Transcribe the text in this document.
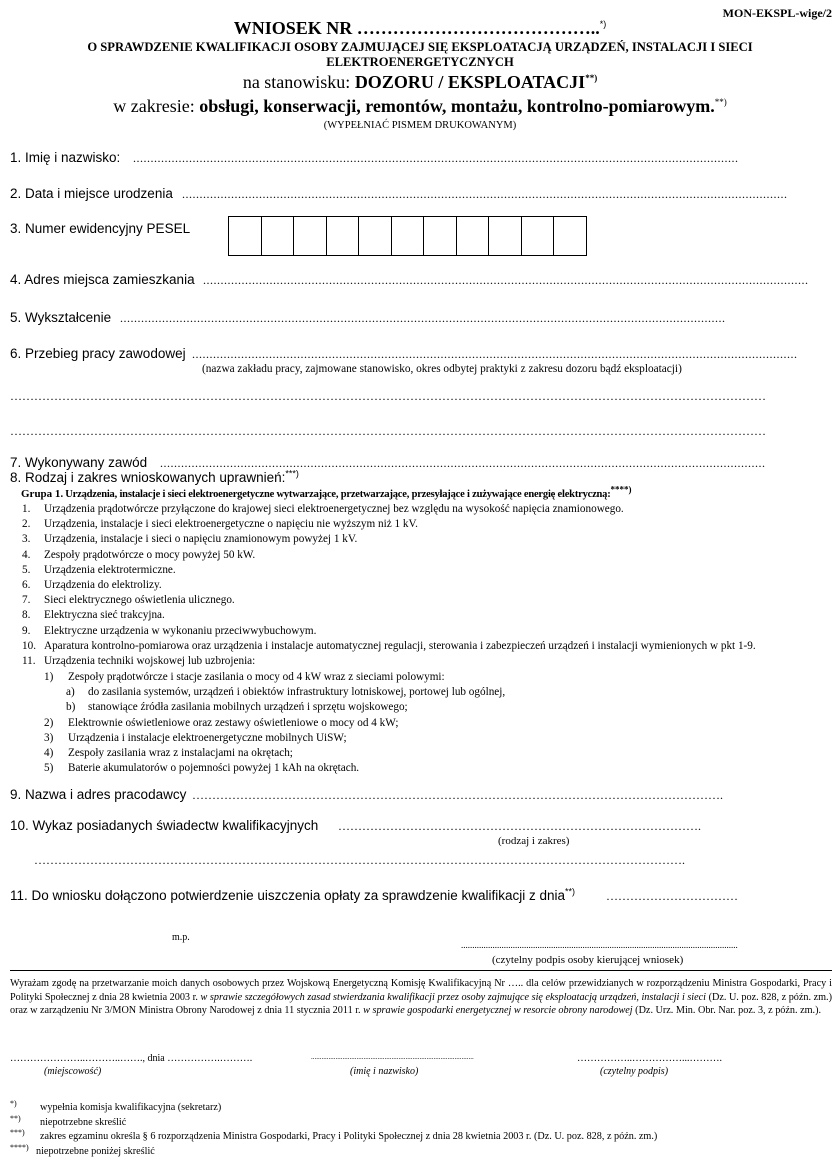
MON-EKSPL-wige/2
WNIOSEK NR …………………………………..*)
O SPRAWDZENIE KWALIFIKACJI OSOBY ZAJMUJĄCEJ SIĘ EKSPLOATACJĄ URZĄDZEŃ, INSTALACJI I SIECI
ELEKTROENERGETYCZNYCH
na stanowisku: DOZORU / EKSPLOATACJI**)
w zakresie: obsługi, konserwacji, remontów, montażu, kontrolno-pomiarowym.**)
(WYPEŁNIAĆ PISMEM DRUKOWANYM)
1. Imię i nazwisko: .............................................................................................................................................................................
2. Data i miejsce urodzenia .............................................................................................................................................................................
3. Numer ewidencyjny PESEL
4. Adres miejsca zamieszkania .............................................................................................................................................................................
5. Wykształcenie .............................................................................................................................................................................
6. Przebieg pracy zawodowej .............................................................................................................................................................................
(nazwa zakładu pracy, zajmowane stanowisko, okres odbytej praktyki z zakresu dozoru bądź eksploatacji)
………………………………………………………………………………………………………………………………………………………………………
………………………………………………………………………………………………………………………………………………………………………
7. Wykonywany zawód .............................................................................................................................................................................
8. Rodzaj i zakres wnioskowanych uprawnień:***)
Grupa 1. Urządzenia, instalacje i sieci elektroenergetyczne wytwarzające, przetwarzające, przesyłające i zużywające energię elektryczną:****)
1. Urządzenia prądotwórcze przyłączone do krajowej sieci elektroenergetycznej bez względu na wysokość napięcia znamionowego.
2. Urządzenia, instalacje i sieci elektroenergetyczne o napięciu nie wyższym niż 1 kV.
3. Urządzenia, instalacje i sieci o napięciu znamionowym powyżej 1 kV.
4. Zespoły prądotwórcze o mocy powyżej 50 kW.
5. Urządzenia elektrotermiczne.
6. Urządzenia do elektrolizy.
7. Sieci elektrycznego oświetlenia ulicznego.
8. Elektryczna sieć trakcyjna.
9. Elektryczne urządzenia w wykonaniu przeciwwybuchowym.
10. Aparatura kontrolno-pomiarowa oraz urządzenia i instalacje automatycznej regulacji, sterowania i zabezpieczeń urządzeń i instalacji wymienionych w pkt 1-9.
11. Urządzenia techniki wojskowej lub uzbrojenia:
1) Zespoły prądotwórcze i stacje zasilania o mocy od 4 kW wraz z sieciami polowymi:
a) do zasilania systemów, urządzeń i obiektów infrastruktury lotniskowej, portowej lub ogólnej,
b) stanowiące źródła zasilania mobilnych urządzeń i sprzętu wojskowego;
2) Elektrownie oświetleniowe oraz zestawy oświetleniowe o mocy od 4 kW;
3) Urządzenia i instalacje elektroenergetyczne mobilnych UiSW;
4) Zespoły zasilania wraz z instalacjami na okrętach;
5) Baterie akumulatorów o pojemności powyżej 1 kAh na okrętach.
9. Nazwa i adres pracodawcy …………………………………………………………………………………………………………………….
10. Wykaz posiadanych świadectw kwalifikacyjnych ……………………………………………………………………………….
(rodzaj i zakres)
……………………………………………………………………………………………………………………………………………….
11. Do wniosku dołączono potwierdzenie uiszczenia opłaty za sprawdzenie kwalifikacji z dnia**)	……………………………
m.p.
...........................................................................................................................
(czytelny podpis osoby kierującej wniosek)
Wyrażam zgodę na przetwarzanie moich danych osobowych przez Wojskową Energetyczną Komisję Kwalifikacyjną Nr ….. dla celów przewidzianych w rozporządzeniu Ministra Gospodarki, Pracy i Polityki Społecznej z dnia 28 kwietnia 2003 r. w sprawie szczegółowych zasad stwierdzania kwalifikacji przez osoby zajmujące się eksploatacją urządzeń, instalacji i sieci (Dz. U. poz. 828, z późn. zm.) oraz w zarządzeniu Nr 3/MON Ministra Obrony Narodowej z dnia 11 stycznia 2011 r. w sprawie gospodarki energetycznej w resorcie obrony narodowej (Dz. Urz. Min. Obr. Nar. poz. 3, z późn. zm.).
…………………..………..……., dnia …………….……….	.............................................................................................	……………..……………...……….
(miejscowość)	(imię i nazwisko)	(czytelny podpis)
*) wypełnia komisja kwalifikacyjna (sekretarz)
**) niepotrzebne skreślić
***) zakres egzaminu określa § 6 rozporządzenia Ministra Gospodarki, Pracy i Polityki Społecznej z dnia 28 kwietnia 2003 r. (Dz. U. poz. 828, z późn. zm.)
****) niepotrzebne poniżej skreślić
